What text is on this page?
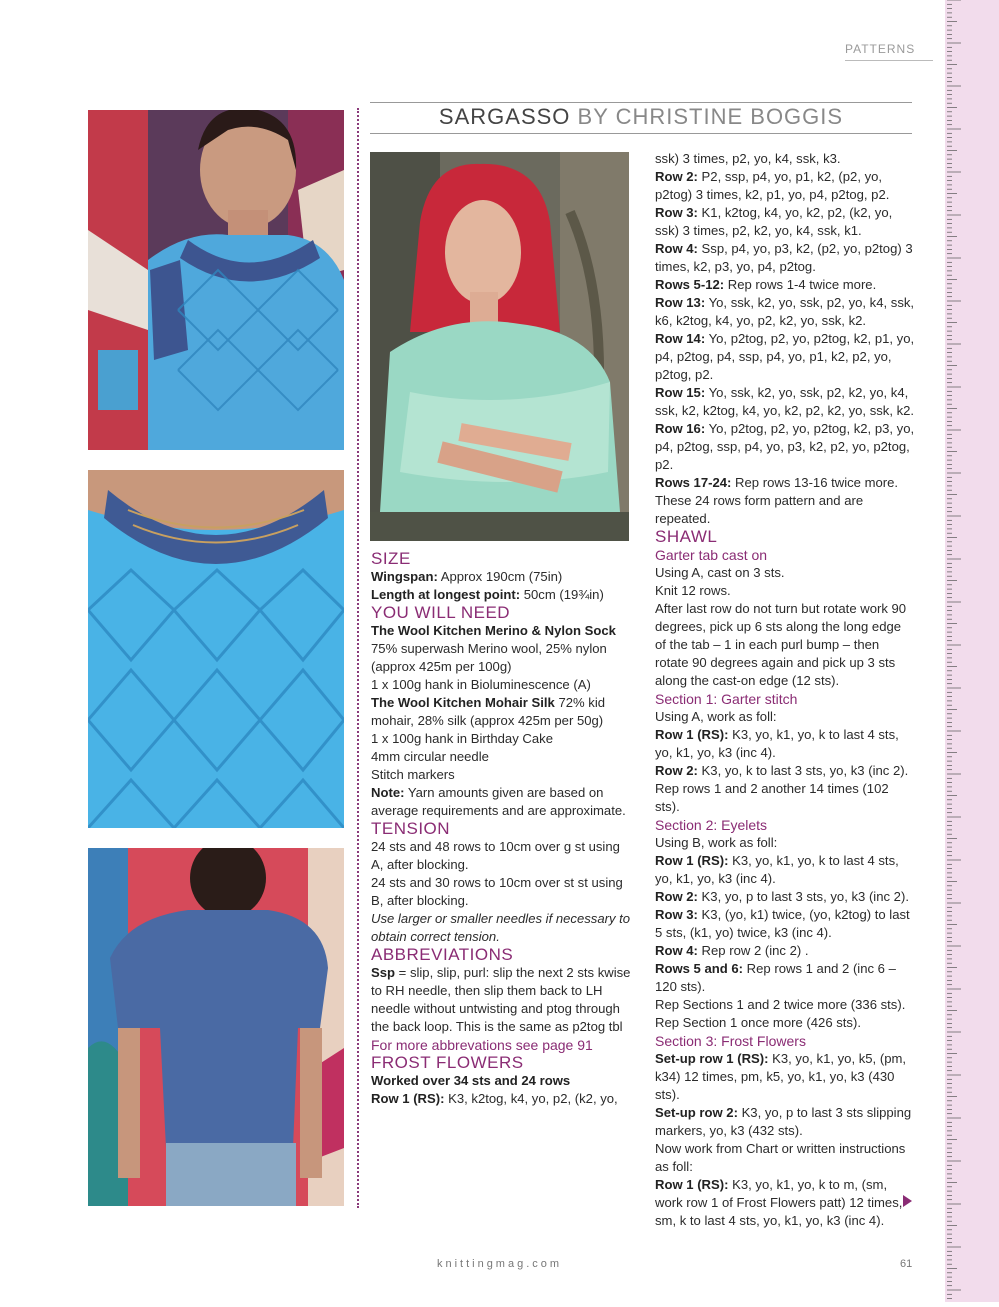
PATTERNS
SARGASSO BY CHRISTINE BOGGIS

SIZE

Wingspan: Approx 190cm (75in)

Length at longest point: 50cm (19¾in)

YOU WILL NEED

The Wool Kitchen Merino & Nylon Sock

75% superwash Merino wool, 25% nylon (approx 425m per 100g)

1 x 100g hank in Bioluminescence (A)

The Wool Kitchen Mohair Silk 72% kid mohair, 28% silk (approx 425m per 50g)

1 x 100g hank in Birthday Cake

4mm circular needle

Stitch markers

Note: Yarn amounts given are based on average requirements and are approximate.

TENSION

24 sts and 48 rows to 10cm over g st using A, after blocking.

24 sts and 30 rows to 10cm over st st using B, after blocking.

Use larger or smaller needles if necessary to obtain correct tension.

ABBREVIATIONS

Ssp = slip, slip, purl: slip the next 2 sts kwise to RH needle, then slip them back to LH needle without untwisting and ptog through the back loop. This is the same as p2tog tbl

For more abbrevations see page 91

FROST FLOWERS

Worked over 34 sts and 24 rows

Row 1 (RS): K3, k2tog, k4, yo, p2, (k2, yo,

ssk) 3 times, p2, yo, k4, ssk, k3.

Row 2: P2, ssp, p4, yo, p1, k2, (p2, yo, p2tog) 3 times, k2, p1, yo, p4, p2tog, p2.

Row 3: K1, k2tog, k4, yo, k2, p2, (k2, yo, ssk) 3 times, p2, k2, yo, k4, ssk, k1.

Row 4: Ssp, p4, yo, p3, k2, (p2, yo, p2tog) 3 times, k2, p3, yo, p4, p2tog.

Rows 5-12: Rep rows 1-4 twice more.

Row 13: Yo, ssk, k2, yo, ssk, p2, yo, k4, ssk, k6, k2tog, k4, yo, p2, k2, yo, ssk, k2.

Row 14: Yo, p2tog, p2, yo, p2tog, k2, p1, yo, p4, p2tog, p4, ssp, p4, yo, p1, k2, p2, yo, p2tog, p2.

Row 15: Yo, ssk, k2, yo, ssk, p2, k2, yo, k4, ssk, k2, k2tog, k4, yo, k2, p2, k2, yo, ssk, k2.

Row 16: Yo, p2tog, p2, yo, p2tog, k2, p3, yo, p4, p2tog, ssp, p4, yo, p3, k2, p2, yo, p2tog, p2.

Rows 17-24: Rep rows 13-16 twice more.

These 24 rows form pattern and are repeated.

SHAWL

Garter tab cast on

Using A, cast on 3 sts.

Knit 12 rows.

After last row do not turn but rotate work 90 degrees, pick up 6 sts along the long edge of the tab – 1 in each purl bump – then rotate 90 degrees again and pick up 3 sts along the cast-on edge (12 sts).

Section 1: Garter stitch

Using A, work as foll:

Row 1 (RS): K3, yo, k1, yo, k to last 4 sts, yo, k1, yo, k3 (inc 4).

Row 2: K3, yo, k to last 3 sts, yo, k3 (inc 2).

Rep rows 1 and 2 another 14 times (102 sts).

Section 2: Eyelets

Using B, work as foll:

Row 1 (RS): K3, yo, k1, yo, k to last 4 sts, yo, k1, yo, k3 (inc 4).

Row 2: K3, yo, p to last 3 sts, yo, k3 (inc 2).

Row 3: K3, (yo, k1) twice, (yo, k2tog) to last 5 sts, (k1, yo) twice, k3 (inc 4).

Row 4: Rep row 2 (inc 2) .

Rows 5 and 6: Rep rows 1 and 2 (inc 6 – 120 sts).

Rep Sections 1 and 2 twice more (336 sts).

Rep Section 1 once more (426 sts).

Section 3: Frost Flowers

Set-up row 1 (RS): K3, yo, k1, yo, k5, (pm, k34) 12 times, pm, k5, yo, k1, yo, k3 (430 sts).

Set-up row 2: K3, yo, p to last 3 sts slipping markers, yo, k3 (432 sts).

Now work from Chart or written instructions as foll:

Row 1 (RS): K3, yo, k1, yo, k to m, (sm, work row 1 of Frost Flowers patt) 12 times, sm, k to last 4 sts, yo, k1, yo, k3 (inc 4).

knittingmag.com	61
